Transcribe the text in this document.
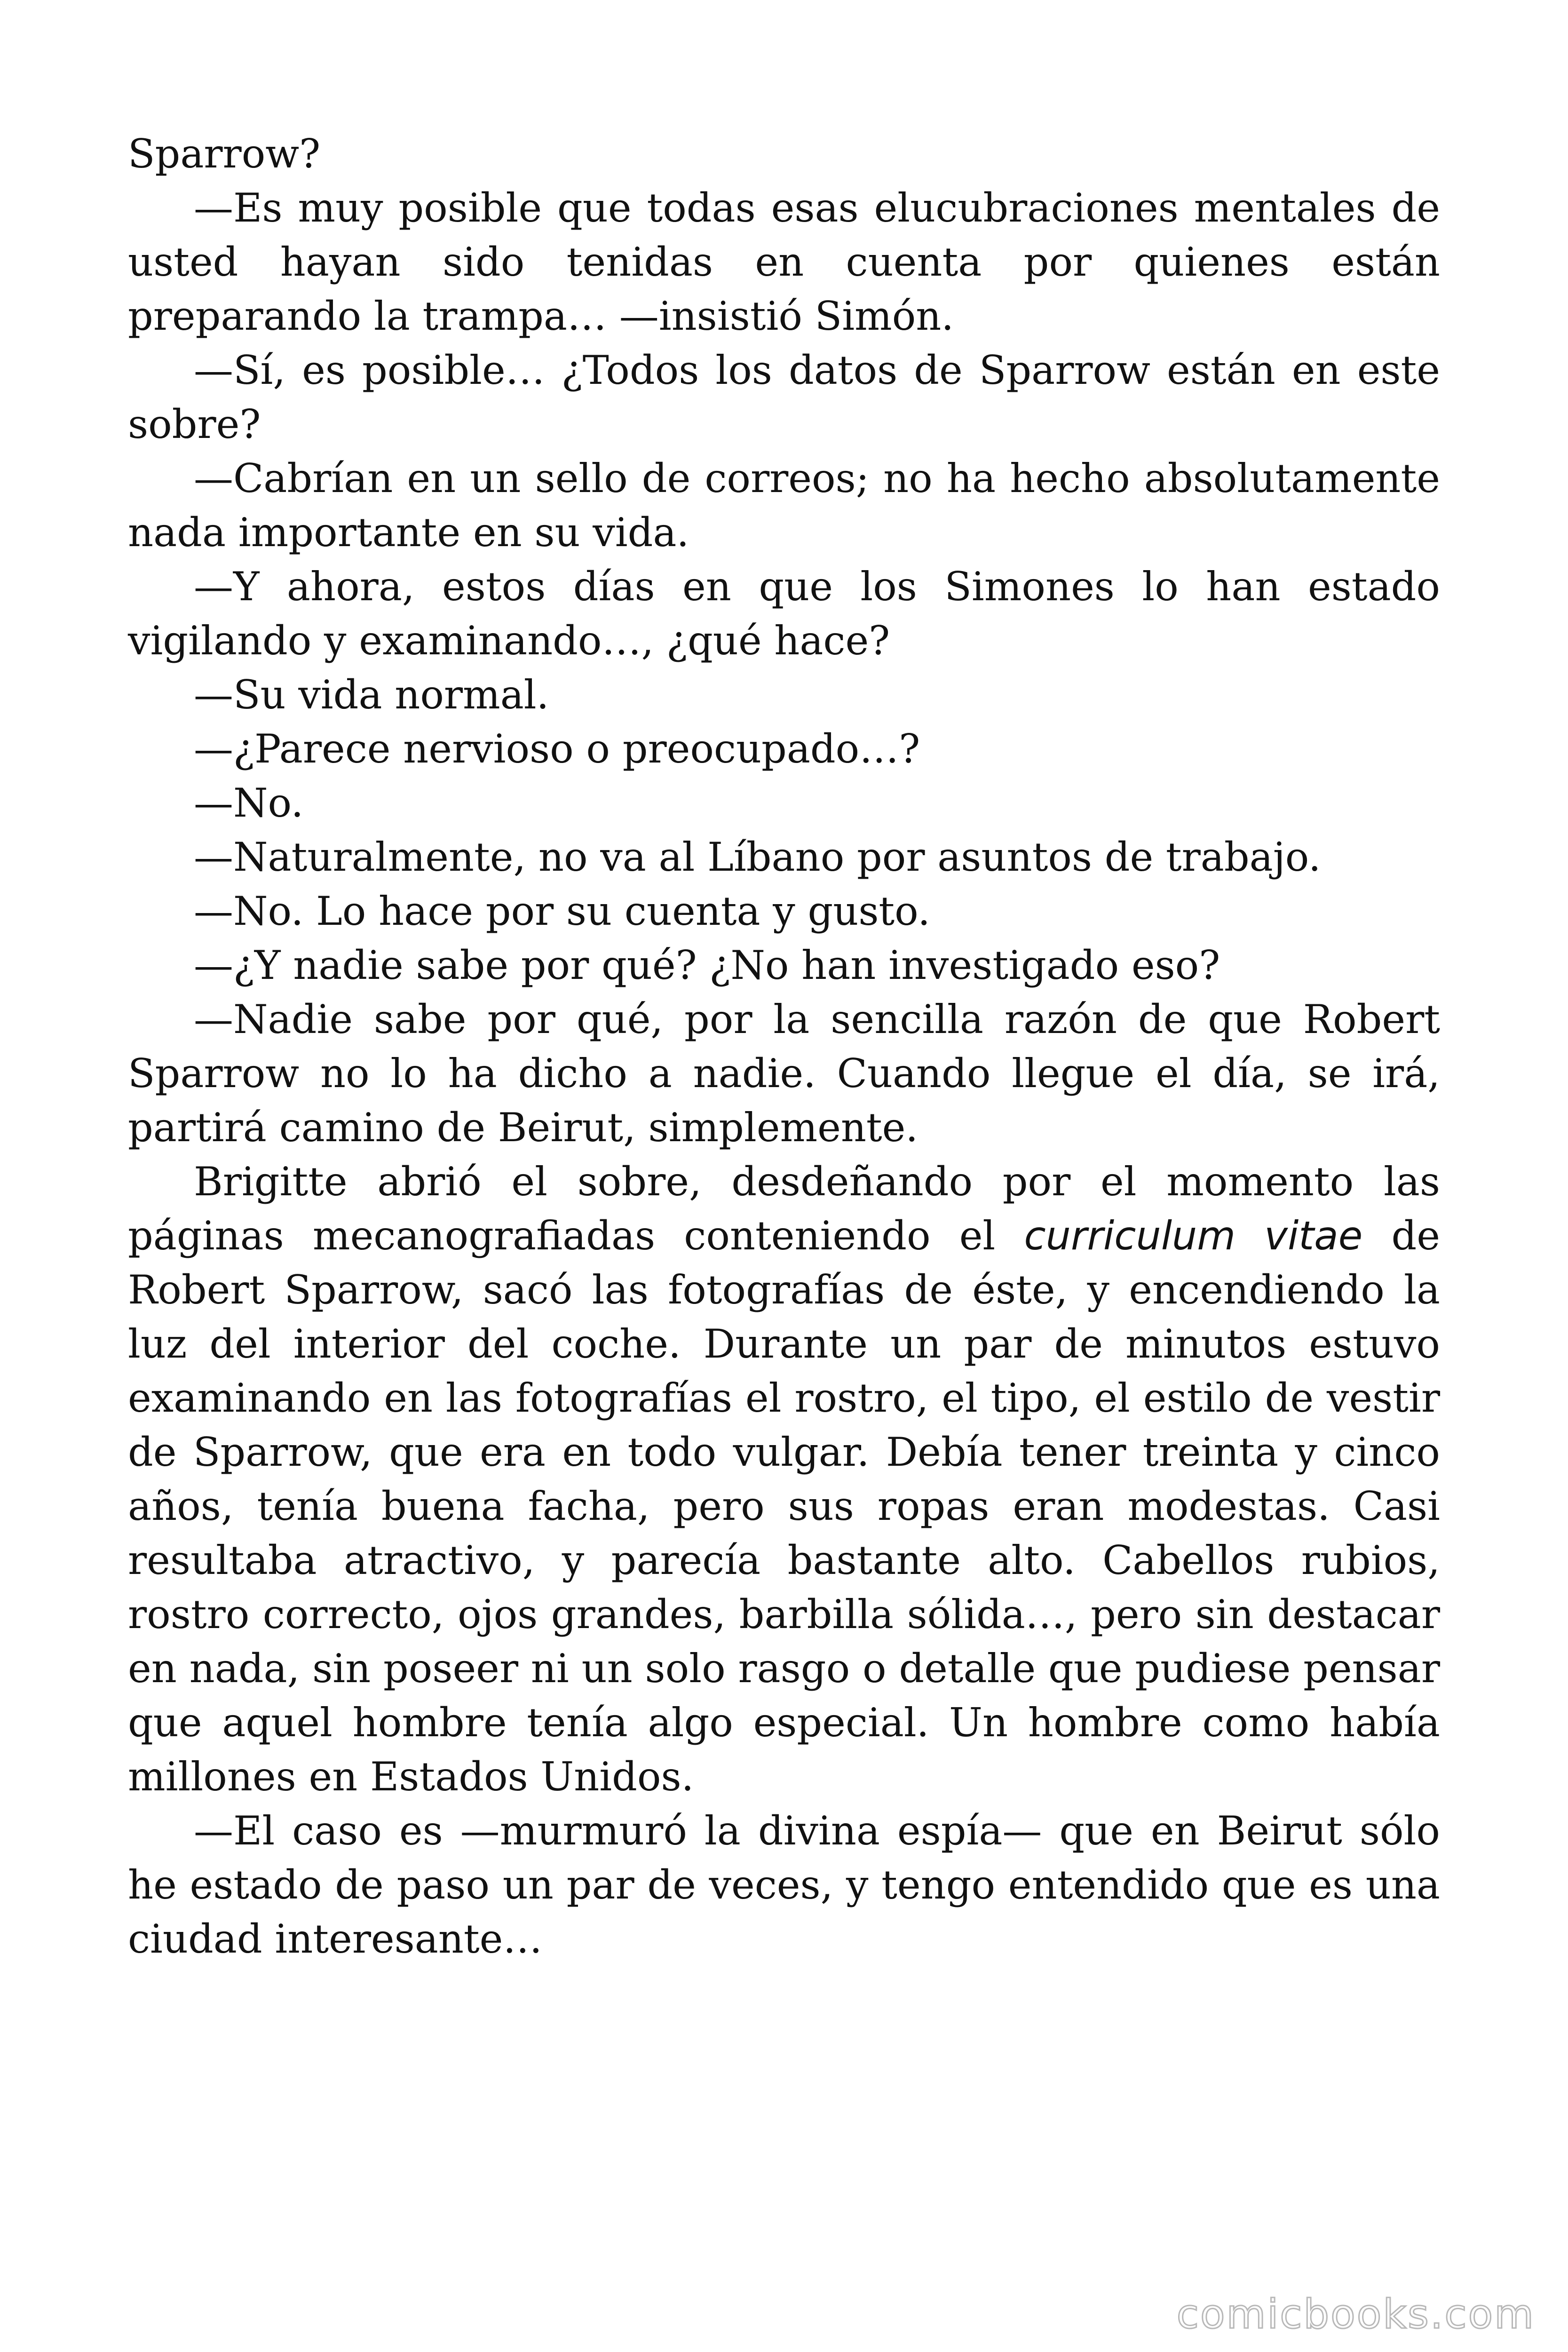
Sparrow?

—Es muy posible que todas esas elucubraciones mentales de usted hayan sido tenidas en cuenta por quienes están preparando la trampa… —insistió Simón.

—Sí, es posible… ¿Todos los datos de Sparrow están en este sobre?

—Cabrían en un sello de correos; no ha hecho absolutamente nada importante en su vida.

—Y ahora, estos días en que los Simones lo han estado vigilando y examinando…, ¿qué hace?

—Su vida normal.

—¿Parece nervioso o preocupado…?

—No.

—Naturalmente, no va al Líbano por asuntos de trabajo.

—No. Lo hace por su cuenta y gusto.

—¿Y nadie sabe por qué? ¿No han investigado eso?

—Nadie sabe por qué, por la sencilla razón de que Robert Sparrow no lo ha dicho a nadie. Cuando llegue el día, se irá, partirá camino de Beirut, simplemente.

Brigitte abrió el sobre, desdeñando por el momento las páginas mecanografiadas conteniendo el curriculum vitae de Robert Sparrow, sacó las fotografías de éste, y encendiendo la luz del interior del coche. Durante un par de minutos estuvo examinando en las fotografías el rostro, el tipo, el estilo de vestir de Sparrow, que era en todo vulgar. Debía tener treinta y cinco años, tenía buena facha, pero sus ropas eran modestas. Casi resultaba atractivo, y parecía bastante alto. Cabellos rubios, rostro correcto, ojos grandes, barbilla sólida…, pero sin destacar en nada, sin poseer ni un solo rasgo o detalle que pudiese pensar que aquel hombre tenía algo especial. Un hombre como había millones en Estados Unidos.

—El caso es —murmuró la divina espía— que en Beirut sólo he estado de paso un par de veces, y tengo entendido que es una ciudad interesante…

comicbooks.com
